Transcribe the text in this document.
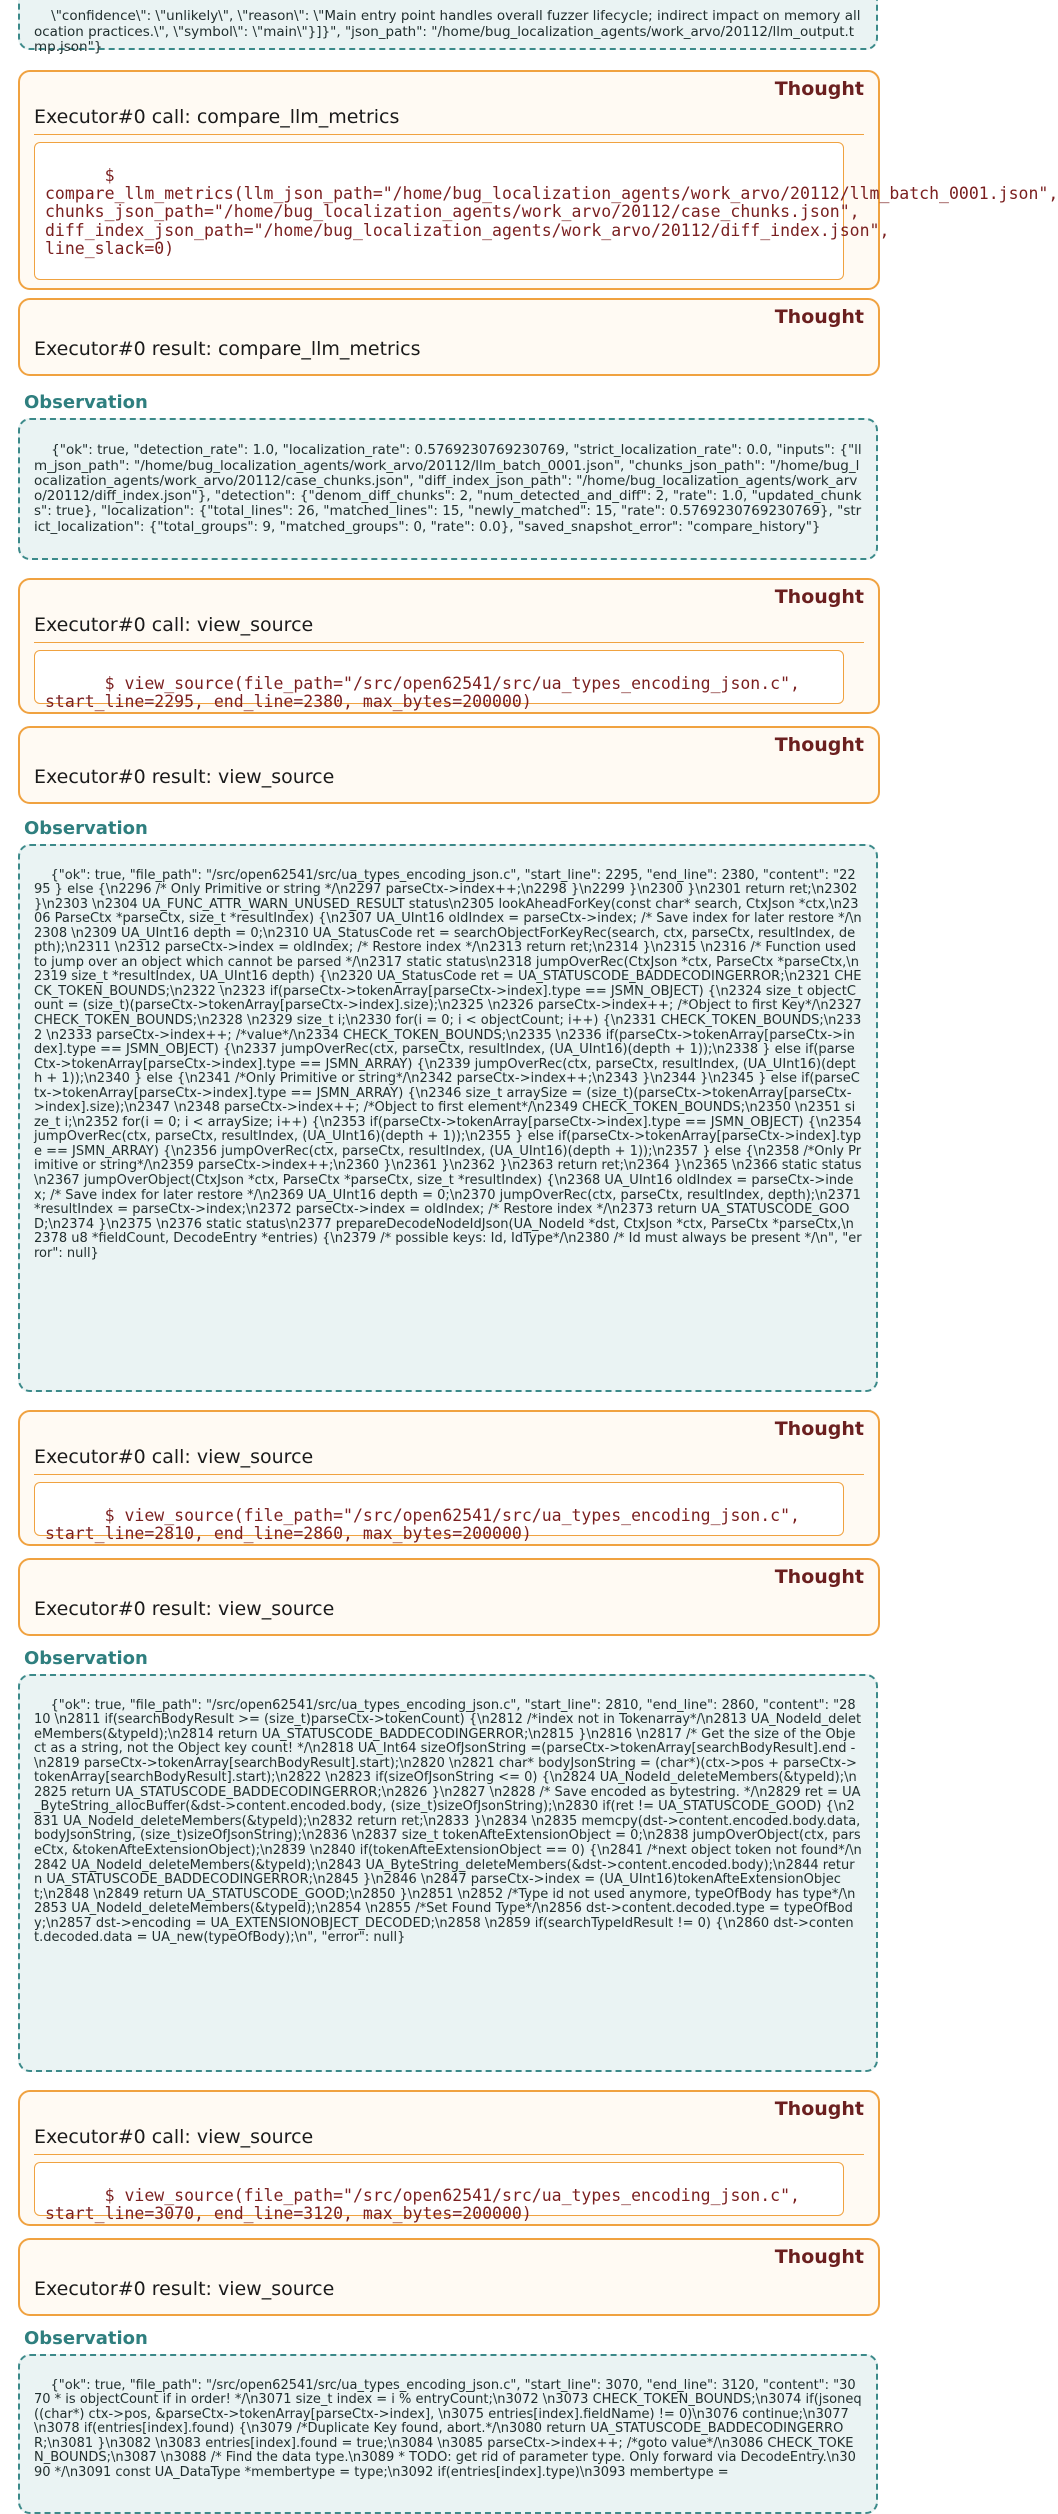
\"confidence\": \"unlikely\", \"reason\": \"Main entry point handles overall fuzzer lifecycle; indirect impact on memory allocation practices.\", \"symbol\": \"main\"}]}", "json_path": "/home/bug_localization_agents/work_arvo/20112/llm_output.tmp.json"}

Thought
Executor#0 call: compare_llm_metrics

$ compare_llm_metrics(llm_json_path="/home/bug_localization_agents/work_arvo/20112/llm_batch_0001.json",
chunks_json_path="/home/bug_localization_agents/work_arvo/20112/case_chunks.json",
diff_index_json_path="/home/bug_localization_agents/work_arvo/20112/diff_index.json", line_slack=0)

Thought
Executor#0 result: compare_llm_metrics
Observation

{"ok": true, "detection_rate": 1.0, "localization_rate": 0.5769230769230769, "strict_localization_rate": 0.0, "inputs": {"llm_json_path": "/home/bug_localization_agents/work_arvo/20112/llm_batch_0001.json", "chunks_json_path": "/home/bug_localization_agents/work_arvo/20112/case_chunks.json", "diff_index_json_path": "/home/bug_localization_agents/work_arvo/20112/diff_index.json"}, "detection": {"denom_diff_chunks": 2, "num_detected_and_diff": 2, "rate": 1.0, "updated_chunks": true}, "localization": {"total_lines": 26, "matched_lines": 15, "newly_matched": 15, "rate": 0.5769230769230769}, "strict_localization": {"total_groups": 9, "matched_groups": 0, "rate": 0.0}, "saved_snapshot_error": "compare_history"}

Thought
Executor#0 call: view_source

$ view_source(file_path="/src/open62541/src/ua_types_encoding_json.c",
start_line=2295, end_line=2380, max_bytes=200000)

Thought
Executor#0 result: view_source
Observation

{"ok": true, "file_path": "/src/open62541/src/ua_types_encoding_json.c", "start_line": 2295, "end_line": 2380, "content": "2295 } else {\n2296 /* Only Primitive or string */\n2297 parseCtx->index++;\n2298 }\n2299 }\n2300 }\n2301 return ret;\n2302 }\n2303 \n2304 UA_FUNC_ATTR_WARN_UNUSED_RESULT status\n2305 lookAheadForKey(const char* search, CtxJson *ctx,\n2306 ParseCtx *parseCtx, size_t *resultIndex) {\n2307 UA_UInt16 oldIndex = parseCtx->index; /* Save index for later restore */\n2308 \n2309 UA_UInt16 depth = 0;\n2310 UA_StatusCode ret = searchObjectForKeyRec(search, ctx, parseCtx, resultIndex, depth);\n2311 \n2312 parseCtx->index = oldIndex; /* Restore index */\n2313 return ret;\n2314 }\n2315 \n2316 /* Function used to jump over an object which cannot be parsed */\n2317 static status\n2318 jumpOverRec(CtxJson *ctx, ParseCtx *parseCtx,\n2319 size_t *resultIndex, UA_UInt16 depth) {\n2320 UA_StatusCode ret = UA_STATUSCODE_BADDECODINGERROR;\n2321 CHECK_TOKEN_BOUNDS;\n2322 \n2323 if(parseCtx->tokenArray[parseCtx->index].type == JSMN_OBJECT) {\n2324 size_t objectCount = (size_t)(parseCtx->tokenArray[parseCtx->index].size);\n2325 \n2326 parseCtx->index++; /*Object to first Key*/\n2327 CHECK_TOKEN_BOUNDS;\n2328 \n2329 size_t i;\n2330 for(i = 0; i < objectCount; i++) {\n2331 CHECK_TOKEN_BOUNDS;\n2332 \n2333 parseCtx->index++; /*value*/\n2334 CHECK_TOKEN_BOUNDS;\n2335 \n2336 if(parseCtx->tokenArray[parseCtx->index].type == JSMN_OBJECT) {\n2337 jumpOverRec(ctx, parseCtx, resultIndex, (UA_UInt16)(depth + 1));\n2338 } else if(parseCtx->tokenArray[parseCtx->index].type == JSMN_ARRAY) {\n2339 jumpOverRec(ctx, parseCtx, resultIndex, (UA_UInt16)(depth + 1));\n2340 } else {\n2341 /*Only Primitive or string*/\n2342 parseCtx->index++;\n2343 }\n2344 }\n2345 } else if(parseCtx->tokenArray[parseCtx->index].type == JSMN_ARRAY) {\n2346 size_t arraySize = (size_t)(parseCtx->tokenArray[parseCtx->index].size);\n2347 \n2348 parseCtx->index++; /*Object to first element*/\n2349 CHECK_TOKEN_BOUNDS;\n2350 \n2351 size_t i;\n2352 for(i = 0; i < arraySize; i++) {\n2353 if(parseCtx->tokenArray[parseCtx->index].type == JSMN_OBJECT) {\n2354 jumpOverRec(ctx, parseCtx, resultIndex, (UA_UInt16)(depth + 1));\n2355 } else if(parseCtx->tokenArray[parseCtx->index].type == JSMN_ARRAY) {\n2356 jumpOverRec(ctx, parseCtx, resultIndex, (UA_UInt16)(depth + 1));\n2357 } else {\n2358 /*Only Primitive or string*/\n2359 parseCtx->index++;\n2360 }\n2361 }\n2362 }\n2363 return ret;\n2364 }\n2365 \n2366 static status\n2367 jumpOverObject(CtxJson *ctx, ParseCtx *parseCtx, size_t *resultIndex) {\n2368 UA_UInt16 oldIndex = parseCtx->index; /* Save index for later restore */\n2369 UA_UInt16 depth = 0;\n2370 jumpOverRec(ctx, parseCtx, resultIndex, depth);\n2371 *resultIndex = parseCtx->index;\n2372 parseCtx->index = oldIndex; /* Restore index */\n2373 return UA_STATUSCODE_GOOD;\n2374 }\n2375 \n2376 static status\n2377 prepareDecodeNodeIdJson(UA_NodeId *dst, CtxJson *ctx, ParseCtx *parseCtx,\n2378 u8 *fieldCount, DecodeEntry *entries) {\n2379 /* possible keys: Id, IdType*/\n2380 /* Id must always be present */\n", "error": null}

Thought
Executor#0 call: view_source

$ view_source(file_path="/src/open62541/src/ua_types_encoding_json.c",
start_line=2810, end_line=2860, max_bytes=200000)

Thought
Executor#0 result: view_source
Observation

{"ok": true, "file_path": "/src/open62541/src/ua_types_encoding_json.c", "start_line": 2810, "end_line": 2860, "content": "2810 \n2811 if(searchBodyResult >= (size_t)parseCtx->tokenCount) {\n2812 /*index not in Tokenarray*/\n2813 UA_NodeId_deleteMembers(&typeId);\n2814 return UA_STATUSCODE_BADDECODINGERROR;\n2815 }\n2816 \n2817 /* Get the size of the Object as a string, not the Object key count! */\n2818 UA_Int64 sizeOfJsonString =(parseCtx->tokenArray[searchBodyResult].end -\n2819 parseCtx->tokenArray[searchBodyResult].start);\n2820 \n2821 char* bodyJsonString = (char*)(ctx->pos + parseCtx->tokenArray[searchBodyResult].start);\n2822 \n2823 if(sizeOfJsonString <= 0) {\n2824 UA_NodeId_deleteMembers(&typeId);\n2825 return UA_STATUSCODE_BADDECODINGERROR;\n2826 }\n2827 \n2828 /* Save encoded as bytestring. */\n2829 ret = UA_ByteString_allocBuffer(&dst->content.encoded.body, (size_t)sizeOfJsonString);\n2830 if(ret != UA_STATUSCODE_GOOD) {\n2831 UA_NodeId_deleteMembers(&typeId);\n2832 return ret;\n2833 }\n2834 \n2835 memcpy(dst->content.encoded.body.data, bodyJsonString, (size_t)sizeOfJsonString);\n2836 \n2837 size_t tokenAfteExtensionObject = 0;\n2838 jumpOverObject(ctx, parseCtx, &tokenAfteExtensionObject);\n2839 \n2840 if(tokenAfteExtensionObject == 0) {\n2841 /*next object token not found*/\n2842 UA_NodeId_deleteMembers(&typeId);\n2843 UA_ByteString_deleteMembers(&dst->content.encoded.body);\n2844 return UA_STATUSCODE_BADDECODINGERROR;\n2845 }\n2846 \n2847 parseCtx->index = (UA_UInt16)tokenAfteExtensionObject;\n2848 \n2849 return UA_STATUSCODE_GOOD;\n2850 }\n2851 \n2852 /*Type id not used anymore, typeOfBody has type*/\n2853 UA_NodeId_deleteMembers(&typeId);\n2854 \n2855 /*Set Found Type*/\n2856 dst->content.decoded.type = typeOfBody;\n2857 dst->encoding = UA_EXTENSIONOBJECT_DECODED;\n2858 \n2859 if(searchTypeIdResult != 0) {\n2860 dst->content.decoded.data = UA_new(typeOfBody);\n", "error": null}

Thought
Executor#0 call: view_source

$ view_source(file_path="/src/open62541/src/ua_types_encoding_json.c",
start_line=3070, end_line=3120, max_bytes=200000)

Thought
Executor#0 result: view_source
Observation

{"ok": true, "file_path": "/src/open62541/src/ua_types_encoding_json.c", "start_line": 3070, "end_line": 3120, "content": "3070 * is objectCount if in order! */\n3071 size_t index = i % entryCount;\n3072 \n3073 CHECK_TOKEN_BOUNDS;\n3074 if(jsoneq((char*) ctx->pos, &parseCtx->tokenArray[parseCtx->index], \n3075 entries[index].fieldName) != 0)\n3076 continue;\n3077 \n3078 if(entries[index].found) {\n3079 /*Duplicate Key found, abort.*/\n3080 return UA_STATUSCODE_BADDECODINGERROR;\n3081 }\n3082 \n3083 entries[index].found = true;\n3084 \n3085 parseCtx->index++; /*goto value*/\n3086 CHECK_TOKEN_BOUNDS;\n3087 \n3088 /* Find the data type.\n3089 * TODO: get rid of parameter type. Only forward via DecodeEntry.\n3090 */\n3091 const UA_DataType *membertype = type;\n3092 if(entries[index].type)\n3093 membertype =
